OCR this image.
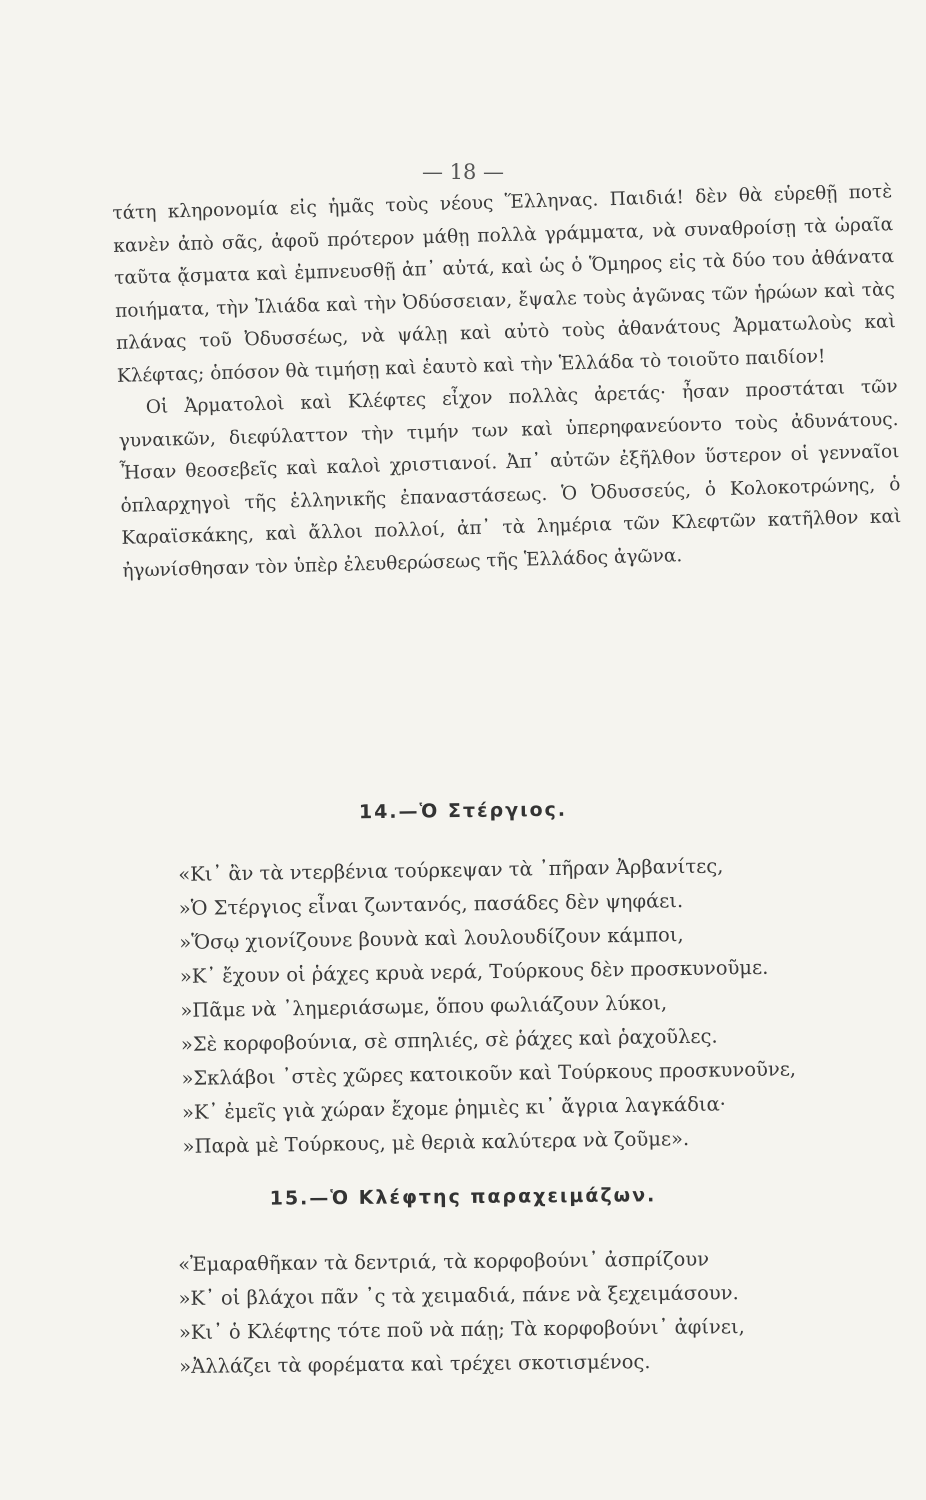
— 18 —

τάτη κληρονομία εἰς ἡμᾶς τοὺς νέους Ἕλληνας. Παιδιά! δὲν θὰ εὑρεθῇ ποτὲ κανὲν ἀπὸ σᾶς, ἀφοῦ πρότερον μάθῃ πολλὰ γράμματα, νὰ συναθροίσῃ τὰ ὡραῖα ταῦτα ᾄσματα καὶ ἐμπνευσθῇ ἀπ᾽ αὐτά, καὶ ὡς ὁ Ὅμηρος εἰς τὰ δύο του ἀθάνατα ποιήματα, τὴν Ἰλιάδα καὶ τὴν Ὀδύσσειαν, ἔψαλε τοὺς ἀγῶνας τῶν ἡρώων καὶ τὰς πλάνας τοῦ Ὀδυσσέως, νὰ ψάλῃ καὶ αὐτὸ τοὺς ἀθανάτους Ἀρματωλοὺς καὶ Κλέφτας; ὁπόσον θὰ τιμήσῃ καὶ ἑαυτὸ καὶ τὴν Ἑλλάδα τὸ τοιοῦτο παιδίον!

Οἱ Ἀρματολοὶ καὶ Κλέφτες εἶχον πολλὰς ἀρετάς· ἦσαν προστάται τῶν γυναικῶν, διεφύλαττον τὴν τιμήν των καὶ ὑπερηφανεύοντο τοὺς ἀδυνάτους. Ἦσαν θεοσεβεῖς καὶ καλοὶ χριστιανοί. Ἀπ᾽ αὐτῶν ἐξῆλθον ὕστερον οἱ γενναῖοι ὁπλαρχηγοὶ τῆς ἑλληνικῆς ἐπαναστάσεως. Ὁ Ὀδυσσεύς, ὁ Κολοκοτρώνης, ὁ Καραϊσκάκης, καὶ ἄλλοι πολλοί, ἀπ᾽ τὰ λημέρια τῶν Κλεφτῶν κατῆλθον καὶ ἠγωνίσθησαν τὸν ὑπὲρ ἐλευθερώσεως τῆς Ἑλλάδος ἀγῶνα.

14.—Ὁ Στέργιος.
«Κι᾽ ἂν τὰ ντερβένια τούρκεψαν τὰ ᾽πῆραν Ἀρβανίτες,
»Ὁ Στέργιος εἶναι ζωντανός, πασάδες δὲν ψηφάει.
»Ὅσῳ χιονίζουνε βουνὰ καὶ λουλουδίζουν κάμποι,
»Κ᾽ ἔχουν οἱ ῥάχες κρυὰ νερά, Τούρκους δὲν προσκυνοῦμε.
»Πᾶμε νὰ ᾽λημεριάσωμε, ὅπου φωλιάζουν λύκοι,
»Σὲ κορφοβούνια, σὲ σπηλιές, σὲ ῥάχες καὶ ῥαχοῦλες.
»Σκλάβοι ᾽στὲς χῶρες κατοικοῦν καὶ Τούρκους προσκυνοῦνε,
»Κ᾽ ἐμεῖς γιὰ χώραν ἔχομε ῥημιὲς κι᾽ ἄγρια λαγκάδια·
»Παρὰ μὲ Τούρκους, μὲ θεριὰ καλύτερα νὰ ζοῦμε».
15.—Ὁ Κλέφτης παραχειμάζων.
«Ἐμαραθῆκαν τὰ δεντριά, τὰ κορφοβούνι᾽ ἀσπρίζουν
»Κ᾽ οἱ βλάχοι πᾶν ᾽ς τὰ χειμαδιά, πάνε νὰ ξεχειμάσουν.
»Κι᾽ ὁ Κλέφτης τότε ποῦ νὰ πάῃ; Τὰ κορφοβούνι᾽ ἀφίνει,
»Ἀλλάζει τὰ φορέματα καὶ τρέχει σκοτισμένος.
